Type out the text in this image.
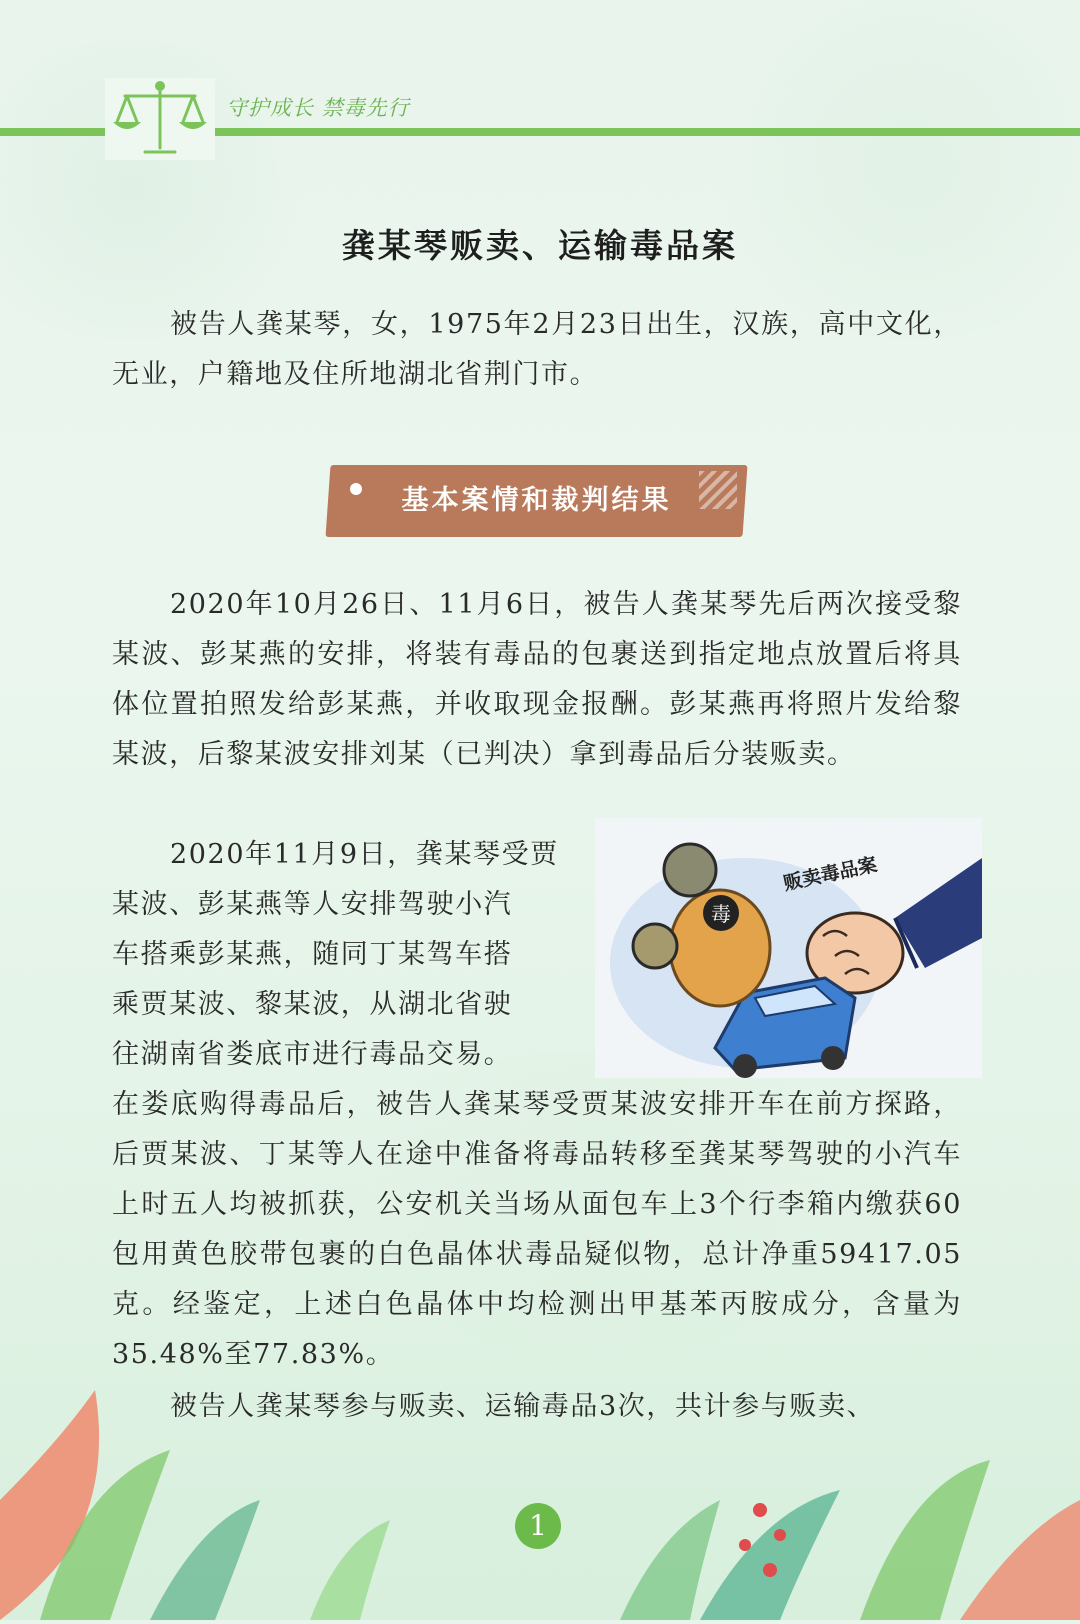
守护成长 禁毒先行
龚某琴贩卖、运输毒品案
被告人龚某琴，女，1975年2月23日出生，汉族，高中文化，无业，户籍地及住所地湖北省荆门市。
基本案情和裁判结果
2020年10月26日、11月6日，被告人龚某琴先后两次接受黎某波、彭某燕的安排，将装有毒品的包裹送到指定地点放置后将具体位置拍照发给彭某燕，并收取现金报酬。彭某燕再将照片发给黎某波，后黎某波安排刘某（已判决）拿到毒品后分装贩卖。
2020年11月9日，龚某琴受贾
某波、彭某燕等人安排驾驶小汽
车搭乘彭某燕，随同丁某驾车搭
乘贾某波、黎某波，从湖北省驶
往湖南省娄底市进行毒品交易。
毒
贩卖毒品案
在娄底购得毒品后，被告人龚某琴受贾某波安排开车在前方探路，后贾某波、丁某等人在途中准备将毒品转移至龚某琴驾驶的小汽车上时五人均被抓获，公安机关当场从面包车上3个行李箱内缴获60包用黄色胶带包裹的白色晶体状毒品疑似物，总计净重59417.05克。经鉴定，上述白色晶体中均检测出甲基苯丙胺成分，含量为35.48%至77.83%。
被告人龚某琴参与贩卖、运输毒品3次，共计参与贩卖、
1
